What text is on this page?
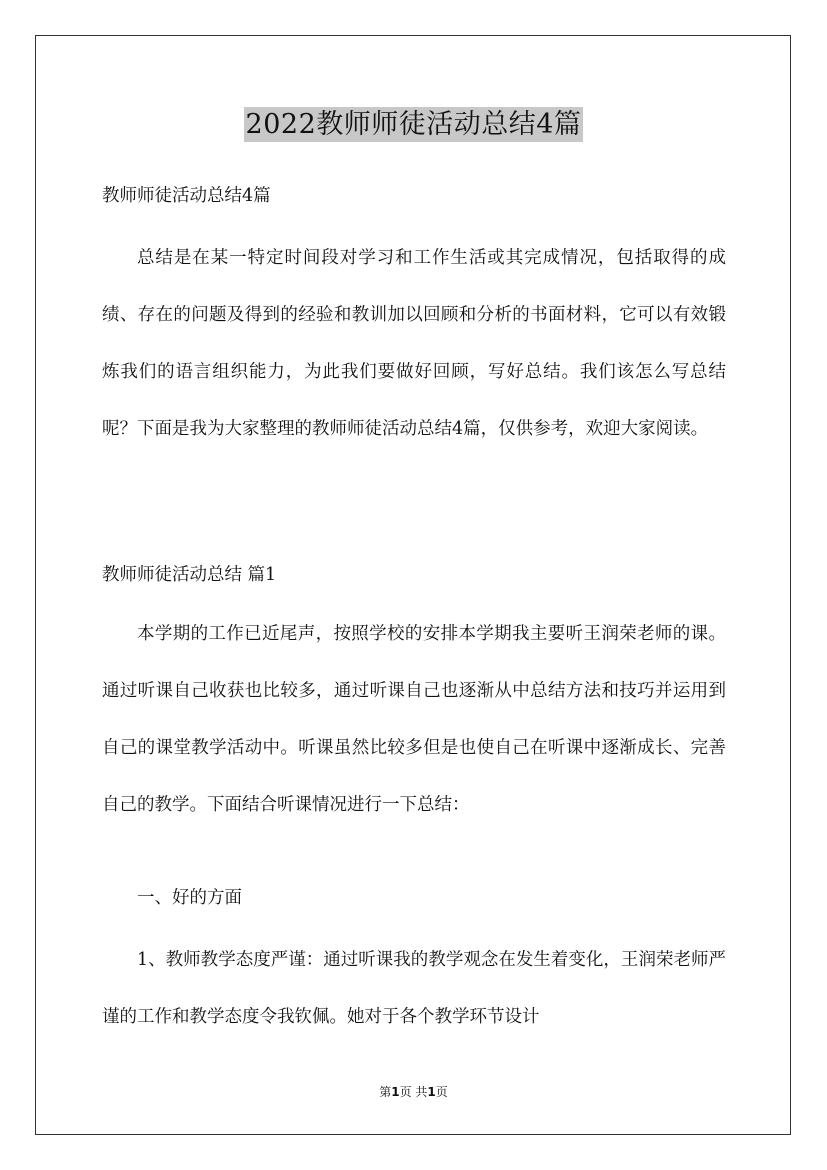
2022教师师徒活动总结4篇

教师师徒活动总结4篇

总结是在某一特定时间段对学习和工作生活或其完成情况，包括取得的成绩、存在的问题及得到的经验和教训加以回顾和分析的书面材料，它可以有效锻炼我们的语言组织能力，为此我们要做好回顾，写好总结。我们该怎么写总结呢？下面是我为大家整理的教师师徒活动总结4篇，仅供参考，欢迎大家阅读。

教师师徒活动总结 篇1

本学期的工作已近尾声，按照学校的安排本学期我主要听王润荣老师的课。通过听课自己收获也比较多，通过听课自己也逐渐从中总结方法和技巧并运用到自己的课堂教学活动中。听课虽然比较多但是也使自己在听课中逐渐成长、完善自己的教学。下面结合听课情况进行一下总结：

一、好的方面

1、教师教学态度严谨：通过听课我的教学观念在发生着变化，王润荣老师严谨的工作和教学态度令我钦佩。她对于各个教学环节设计

第1页 共1页
